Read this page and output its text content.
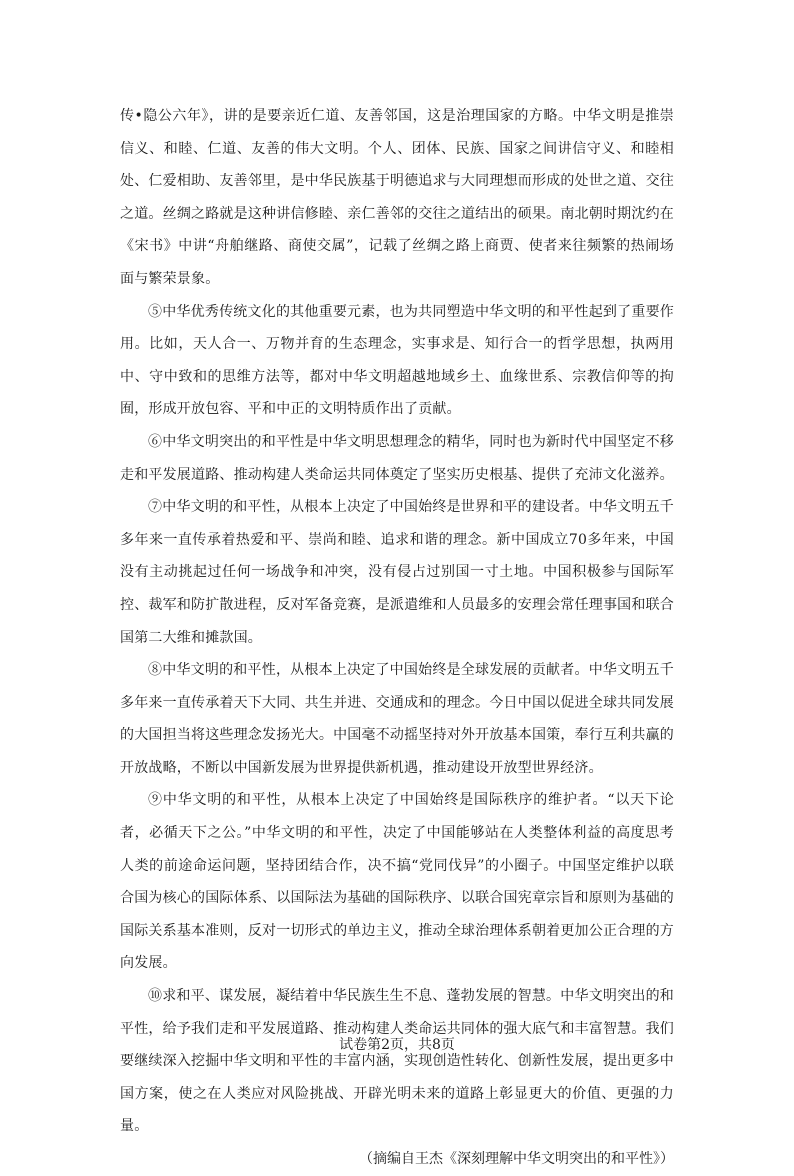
传•隐公六年》，讲的是要亲近仁道、友善邻国，这是治理国家的方略。中华文明是推崇信义、和睦、仁道、友善的伟大文明。个人、团体、民族、国家之间讲信守义、和睦相处、仁爱相助、友善邻里，是中华民族基于明德追求与大同理想而形成的处世之道、交往之道。丝绸之路就是这种讲信修睦、亲仁善邻的交往之道结出的硕果。南北朝时期沈约在《宋书》中讲“舟舶继路、商使交属”，记载了丝绸之路上商贾、使者来往频繁的热闹场面与繁荣景象。

⑤中华优秀传统文化的其他重要元素，也为共同塑造中华文明的和平性起到了重要作用。比如，天人合一、万物并育的生态理念，实事求是、知行合一的哲学思想，执两用中、守中致和的思维方法等，都对中华文明超越地域乡土、血缘世系、宗教信仰等的拘囿，形成开放包容、平和中正的文明特质作出了贡献。

⑥中华文明突出的和平性是中华文明思想理念的精华，同时也为新时代中国坚定不移走和平发展道路、推动构建人类命运共同体奠定了坚实历史根基、提供了充沛文化滋养。

⑦中华文明的和平性，从根本上决定了中国始终是世界和平的建设者。中华文明五千多年来一直传承着热爱和平、崇尚和睦、追求和谐的理念。新中国成立70多年来，中国没有主动挑起过任何一场战争和冲突，没有侵占过别国一寸土地。中国积极参与国际军控、裁军和防扩散进程，反对军备竞赛，是派遣维和人员最多的安理会常任理事国和联合国第二大维和摊款国。

⑧中华文明的和平性，从根本上决定了中国始终是全球发展的贡献者。中华文明五千多年来一直传承着天下大同、共生并进、交通成和的理念。今日中国以促进全球共同发展的大国担当将这些理念发扬光大。中国毫不动摇坚持对外开放基本国策，奉行互利共赢的开放战略，不断以中国新发展为世界提供新机遇，推动建设开放型世界经济。

⑨中华文明的和平性，从根本上决定了中国始终是国际秩序的维护者。“以天下论者，必循天下之公。”中华文明的和平性，决定了中国能够站在人类整体利益的高度思考人类的前途命运问题，坚持团结合作，决不搞“党同伐异”的小圈子。中国坚定维护以联合国为核心的国际体系、以国际法为基础的国际秩序、以联合国宪章宗旨和原则为基础的国际关系基本准则，反对一切形式的单边主义，推动全球治理体系朝着更加公正合理的方向发展。

⑩求和平、谋发展，凝结着中华民族生生不息、蓬勃发展的智慧。中华文明突出的和平性，给予我们走和平发展道路、推动构建人类命运共同体的强大底气和丰富智慧。我们要继续深入挖掘中华文明和平性的丰富内涵，实现创造性转化、创新性发展，提出更多中国方案，使之在人类应对风险挑战、开辟光明未来的道路上彰显更大的价值、更强的力量。

（摘编自王杰《深刻理解中华文明突出的和平性》）

试卷第2页，共8页
